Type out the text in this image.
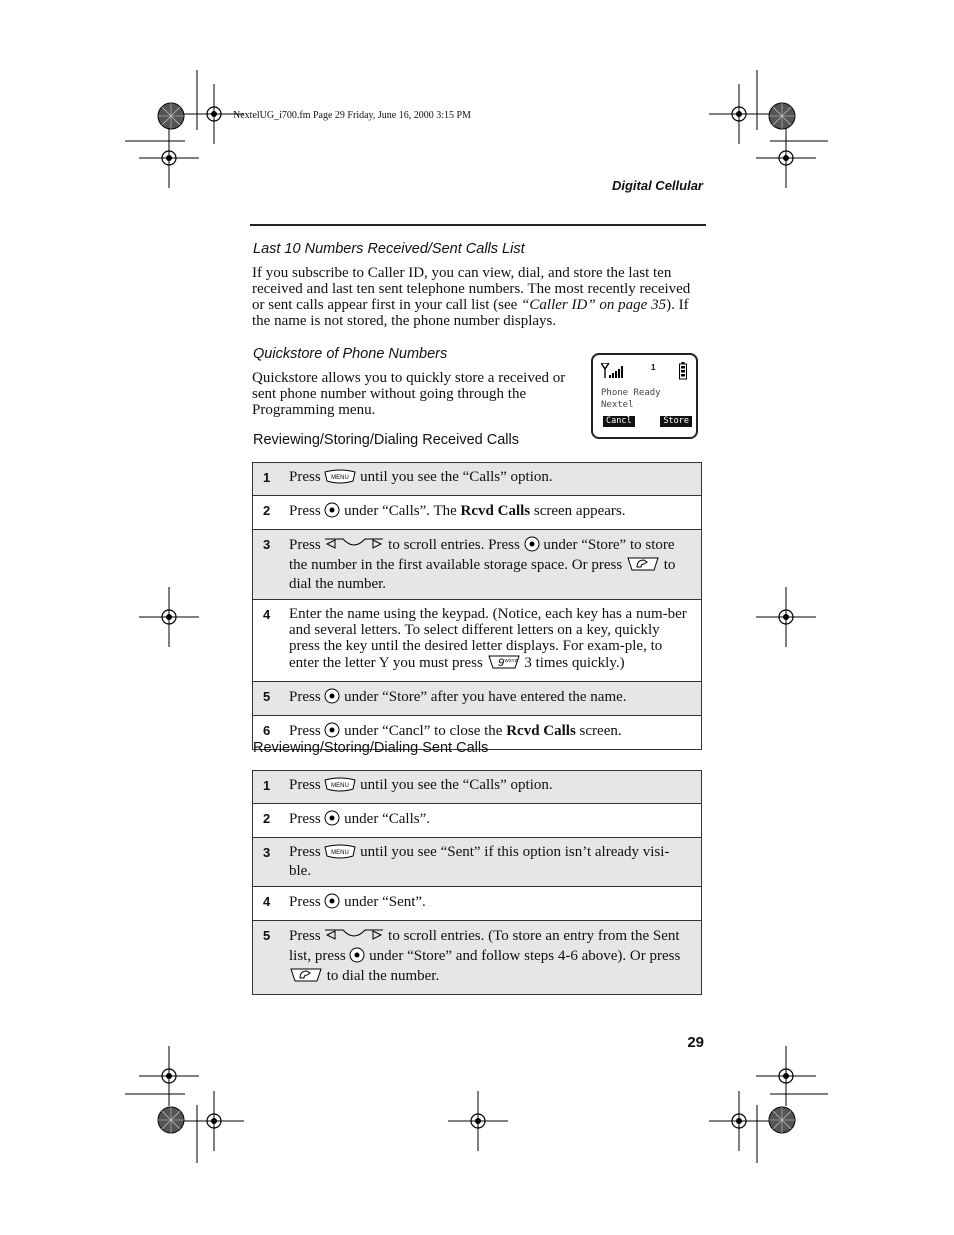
NextelUG_i700.fm Page 29 Friday, June 16, 2000 3:15 PM
Digital Cellular
Last 10 Numbers Received/Sent Calls List
If you subscribe to Caller ID, you can view, dial, and store the last ten received and last ten sent telephone numbers. The most recently received or sent calls appear first in your call list (see “Caller ID” on page 35). If the name is not stored, the phone number displays.
Quickstore of Phone Numbers
Quickstore allows you to quickly store a received or sent phone number without going through the Programming menu.
1
Phone Ready
Nextel
Cancl	Store
Reviewing/Storing/Dialing Received Calls
1	Press MENU until you see the “Calls” option.
2	Press under “Calls”. The Rcvd Calls screen appears.
3	Press to scroll entries. Press under “Store” to store the number in the first available storage space. Or press to dial the number.
4	Enter the name using the keypad. (Notice, each key has a num-ber and several letters. To select different letters on a key, quickly press the key until the desired letter displays. For exam-ple, to enter the letter Y you must press 9 WXYZ 3 times quickly.)
5	Press under “Store” after you have entered the name.
6	Press under “Cancl” to close the Rcvd Calls screen.
Reviewing/Storing/Dialing Sent Calls
1	Press MENU until you see the “Calls” option.
2	Press under “Calls”.
3	Press MENU until you see “Sent” if this option isn’t already visi-ble.
4	Press under “Sent”.
5	Press to scroll entries. (To store an entry from the Sent list, press under “Store” and follow steps 4-6 above). Or press  to dial the number.
29
